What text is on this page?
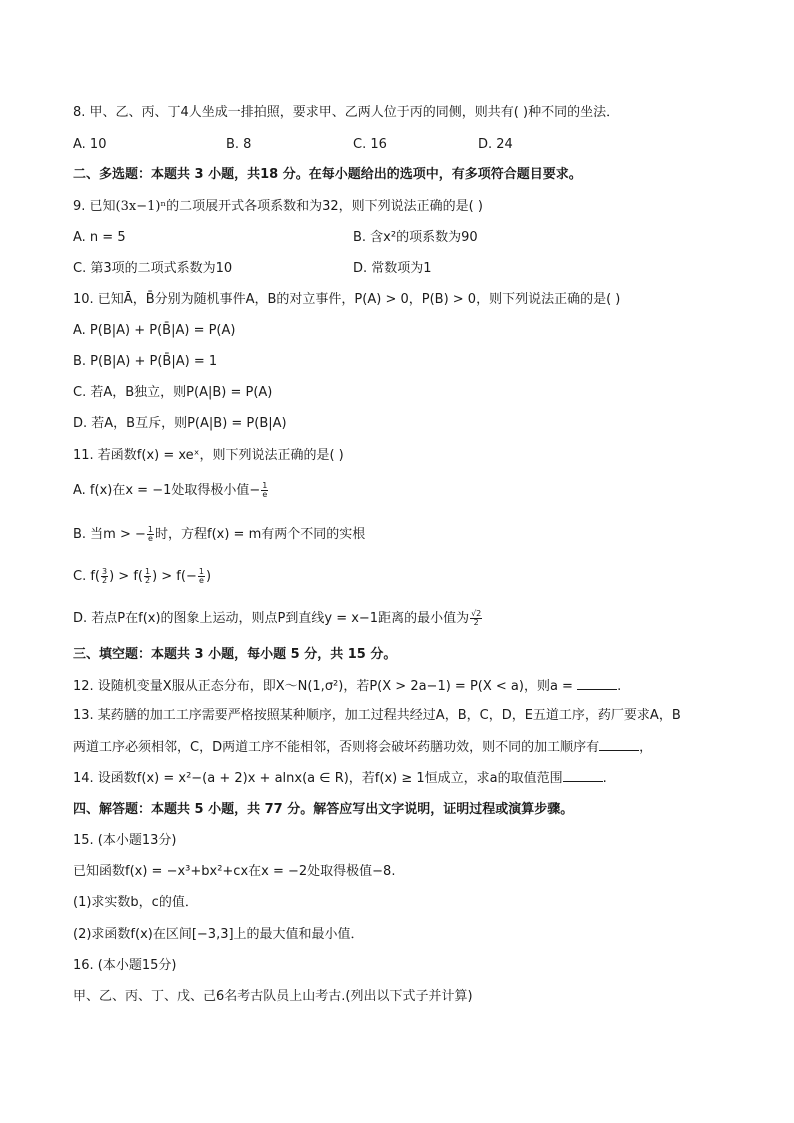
8. 甲、乙、丙、丁4人坐成一排拍照，要求甲、乙两人位于丙的同侧，则共有( )种不同的坐法．
A. 10	B. 8	C. 16	D. 24
二、多选题：本题共 3 小题，共18 分。在每小题给出的选项中，有多项符合题目要求。
9. 已知(3x−1)ⁿ的二项展开式各项系数和为32，则下列说法正确的是( )
A. n = 5	B. 含x²的项系数为90
C. 第3项的二项式系数为10	D. 常数项为1
10. 已知Ā，B̄分别为随机事件A，B的对立事件，P(A) > 0，P(B) > 0，则下列说法正确的是( )
A. P(B|A) + P(B̄|A) = P(A)
B. P(B|A) + P(B̄|A) = 1
C. 若A，B独立，则P(A|B) = P(A)
D. 若A，B互斥，则P(A|B) = P(B|A)
11. 若函数f(x) = xeˣ，则下列说法正确的是( )
A. f(x)在x = −1处取得极小值− $\frac{1}{e}$
B. 当m > − $\frac{1}{e}$ 时，方程f(x) = m有两个不同的实根
C. $f( \frac{3}{2}$ ) > $f( \frac{1}{2}$ ) > $f(- \frac{1}{e}$ )
D. 若点P在f(x)的图象上运动，则点P到直线y = x−1距离的最小值为 $\frac{√2}{2}$
三、填空题：本题共 3 小题，每小题 5 分，共 15 分。
12. 设随机变量X服从正态分布，即X～N(1,σ²)，若P(X > 2a−1) = P(X < a)，则a =	.
13. 某药膳的加工工序需要严格按照某种顺序，加工过程共经过A，B，C，D，E五道工序，药厂要求A，B
两道工序必须相邻，C，D两道工序不能相邻，否则将会破坏药膳功效，则不同的加工顺序有	，
14. 设函数f(x) = x²−(a + 2)x + alnx(a ∈ R)，若f(x) ≥ 1恒成立，求a的取值范围	.
四、解答题：本题共 5 小题，共 77 分。解答应写出文字说明，证明过程或演算步骤。
15. (本小题13分)
已知函数f(x) = −x³+bx²+cx在x = −2处取得极值−8.
(1)求实数b，c的值．
(2)求函数f(x)在区间[−3,3]上的最大值和最小值．
16. (本小题15分)
甲、乙、丙、丁、戊、己6名考古队员上山考古.(列出以下式子并计算)
